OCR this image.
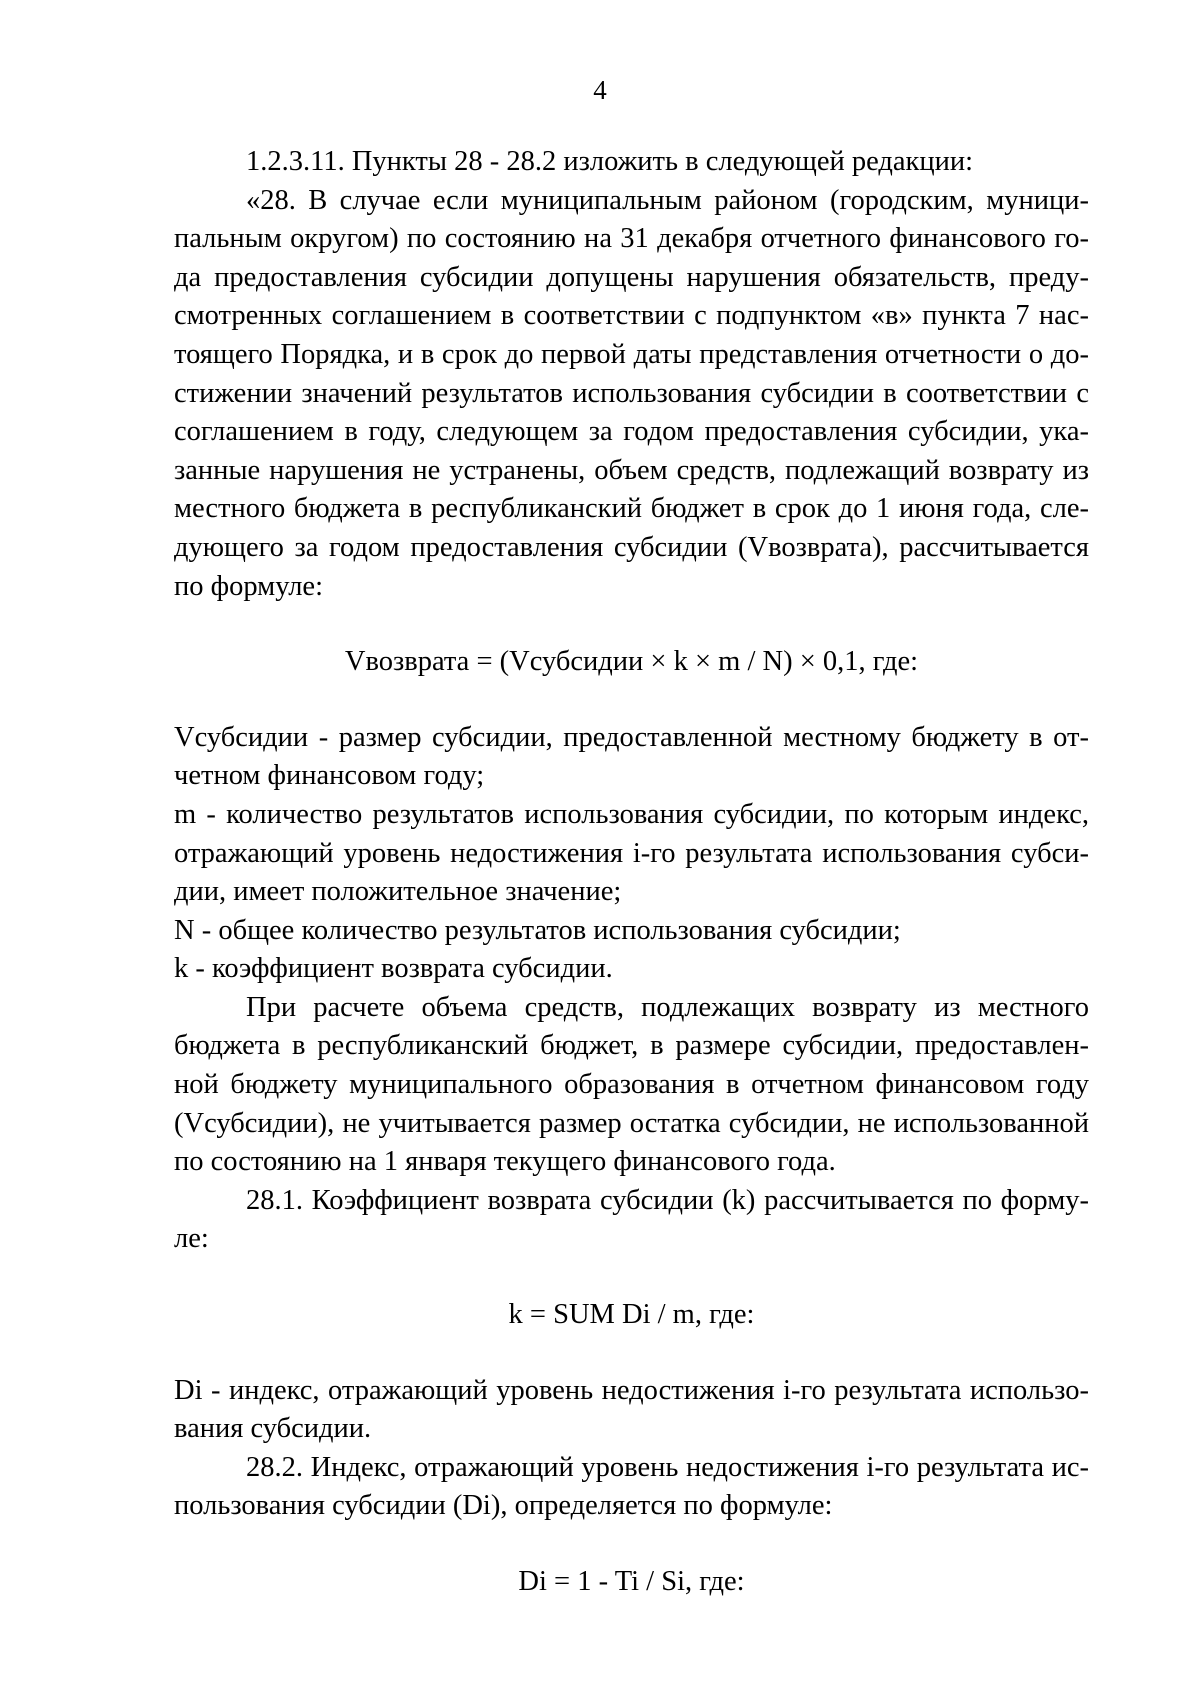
4

1.2.3.11. Пункты 28 - 28.2 изложить в следующей редакции:

«28. В случае если муниципальным районом (городским, муниципальным округом) по состоянию на 31 декабря отчетного финансового года предоставления субсидии допущены нарушения обязательств, предусмотренных соглашением в соответствии с подпунктом «в» пункта 7 настоящего Порядка, и в срок до первой даты представления отчетности о достижении значений результатов использования субсидии в соответствии с соглашением в году, следующем за годом предоставления субсидии, указанные нарушения не устранены, объем средств, подлежащий возврату из местного бюджета в республиканский бюджет в срок до 1 июня года, следующего за годом предоставления субсидии (Vвозврата), рассчитывается по формуле:

Vвозврата = (Vсубсидии × k × m / N) × 0,1, где:

Vсубсидии - размер субсидии, предоставленной местному бюджету в отчетном финансовом году;

m - количество результатов использования субсидии, по которым индекс, отражающий уровень недостижения i-го результата использования субсидии, имеет положительное значение;

N - общее количество результатов использования субсидии;

k - коэффициент возврата субсидии.

При расчете объема средств, подлежащих возврату из местного бюджета в республиканский бюджет, в размере субсидии, предоставленной бюджету муниципального образования в отчетном финансовом году (Vсубсидии), не учитывается размер остатка субсидии, не использованной по состоянию на 1 января текущего финансового года.

28.1. Коэффициент возврата субсидии (k) рассчитывается по формуле:

k = SUM Di / m, где:

Di - индекс, отражающий уровень недостижения i-го результата использования субсидии.

28.2. Индекс, отражающий уровень недостижения i-го результата использования субсидии (Di), определяется по формуле:

Di = 1 - Ti / Si, где:
